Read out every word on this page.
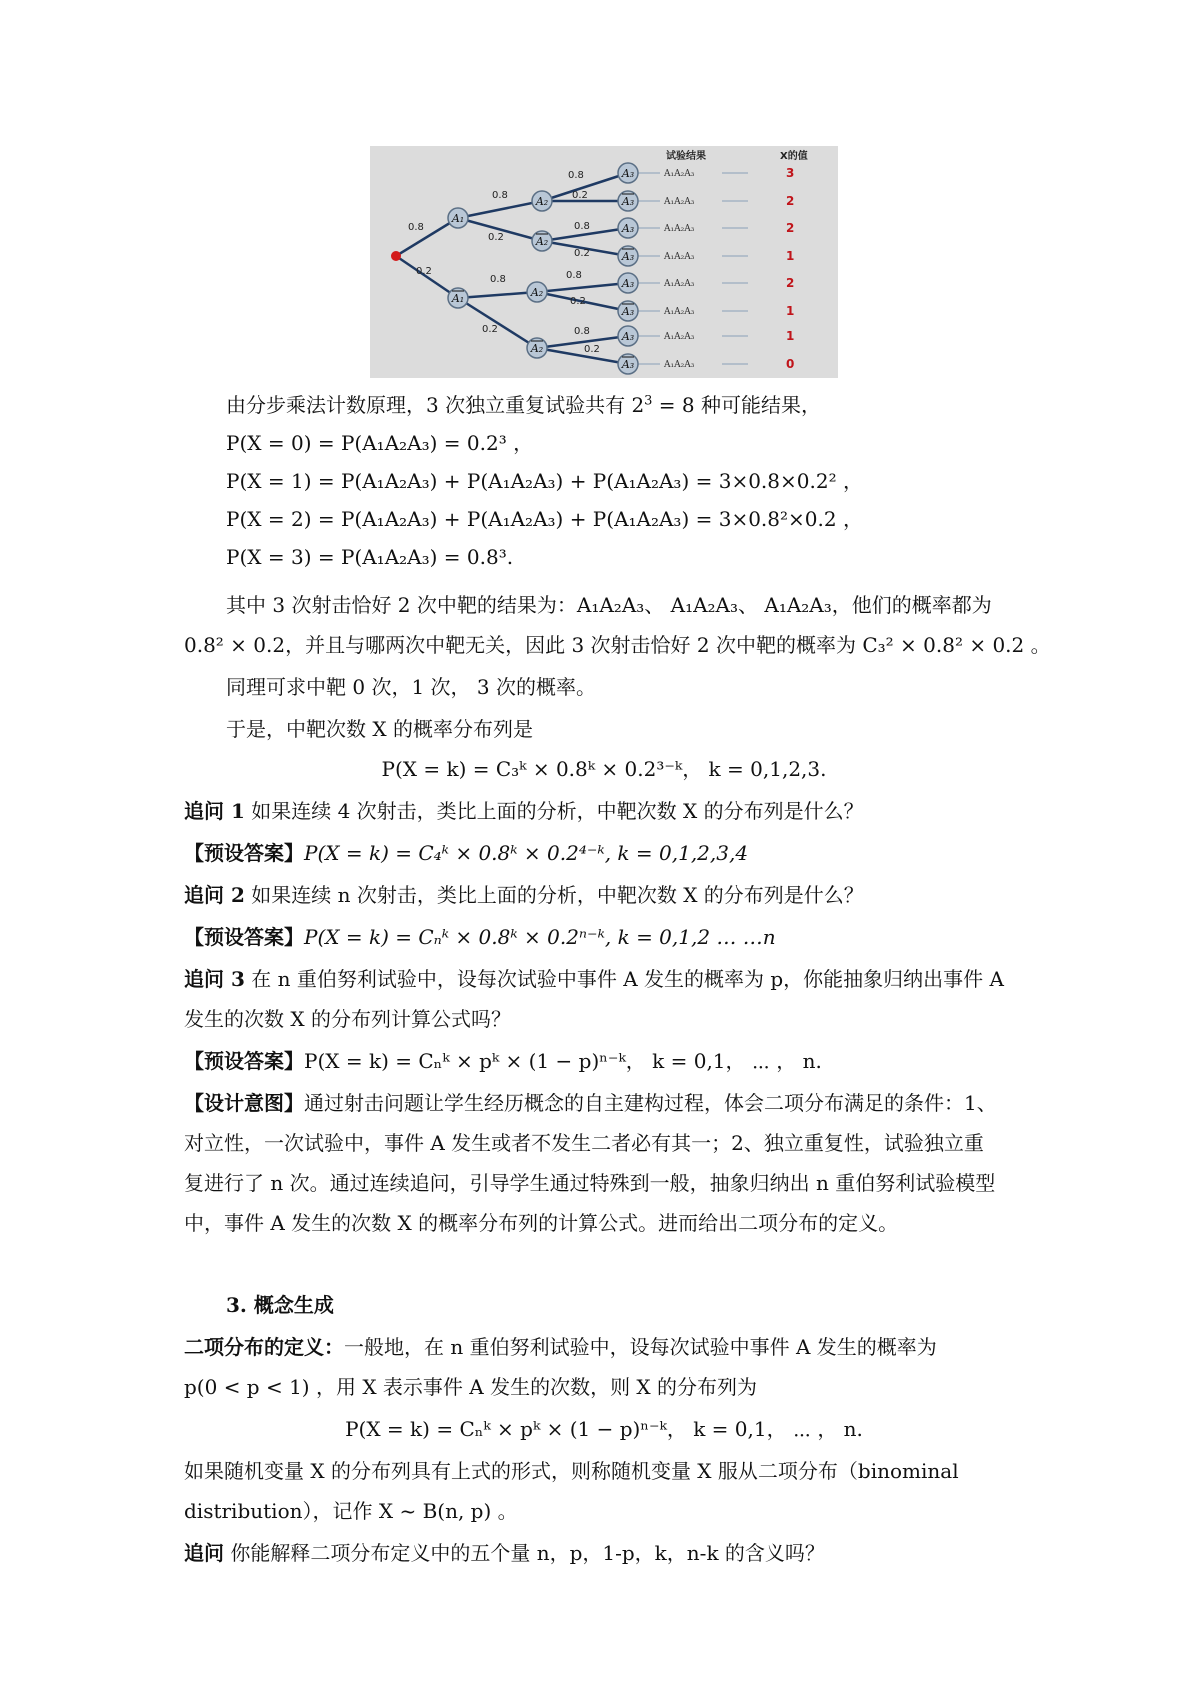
A₁
A₁
A₂
A₂
A₂
A₂
A₃
A₃
A₃
A₃
A₃
A₃
A₃
A₃
0.8
0.2
0.8
0.2
0.8
0.2
0.8
0.2
0.8
0.2
0.8
0.2
0.8
0.2
试验结果	X的值
A₁A₂A₃
A₁A₂A₃
A₁A₂A₃
A₁A₂A₃
A₁A₂A₃
A₁A₂A₃
A₁A₂A₃
A₁A₂A₃
3
2
2
1
2
1
1
0
由分步乘法计数原理，3 次独立重复试验共有 $2^3 = 8$ 种可能结果，
P(X = 0) = P(A₁A₂A₃) = 0.2³ ，
P(X = 1) = P(A₁A₂A₃) + P(A₁A₂A₃) + P(A₁A₂A₃) = 3×0.8×0.2² ，
P(X = 2) = P(A₁A₂A₃) + P(A₁A₂A₃) + P(A₁A₂A₃) = 3×0.8²×0.2 ，
P(X = 3) = P(A₁A₂A₃) = 0.8³.
其中 3 次射击恰好 2 次中靶的结果为：A₁A₂A₃、 A₁A₂A₃、 A₁A₂A₃，他们的概率都为
0.8² × 0.2，并且与哪两次中靶无关，因此 3 次射击恰好 2 次中靶的概率为 C₃² × 0.8² × 0.2 。
同理可求中靶 0 次，1 次， 3 次的概率。
于是，中靶次数 X 的概率分布列是
P(X = k) = C₃ᵏ × 0.8ᵏ × 0.2³⁻ᵏ， k = 0,1,2,3.
追问 1 如果连续 4 次射击，类比上面的分析，中靶次数 X 的分布列是什么？
【预设答案】P(X = k) = C₄ᵏ × 0.8ᵏ × 0.2⁴⁻ᵏ, k = 0,1,2,3,4
追问 2 如果连续 n 次射击，类比上面的分析，中靶次数 X 的分布列是什么？
【预设答案】P(X = k) = Cₙᵏ × 0.8ᵏ × 0.2ⁿ⁻ᵏ, k = 0,1,2 … …n
追问 3 在 n 重伯努利试验中，设每次试验中事件 A 发生的概率为 p，你能抽象归纳出事件 A
发生的次数 X 的分布列计算公式吗？
【预设答案】P(X = k) = Cₙᵏ × pᵏ × (1 − p)ⁿ⁻ᵏ， k = 0,1， ⋯ ， n.
【设计意图】通过射击问题让学生经历概念的自主建构过程，体会二项分布满足的条件：1、
对立性，一次试验中，事件 A 发生或者不发生二者必有其一；2、独立重复性，试验独立重
复进行了 n 次。通过连续追问，引导学生通过特殊到一般，抽象归纳出 n 重伯努利试验模型
中，事件 A 发生的次数 X 的概率分布列的计算公式。进而给出二项分布的定义。
3. 概念生成
二项分布的定义：一般地，在 n 重伯努利试验中，设每次试验中事件 A 发生的概率为
p(0 < p < 1) ，用 X 表示事件 A 发生的次数，则 X 的分布列为
P(X = k) = Cₙᵏ × pᵏ × (1 − p)ⁿ⁻ᵏ， k = 0,1， ⋯ ， n.
如果随机变量 X 的分布列具有上式的形式，则称随机变量 X 服从二项分布（binominal
distribution），记作 X ~ B(n, p) 。
追问 你能解释二项分布定义中的五个量 n，p，1-p，k，n-k 的含义吗？
